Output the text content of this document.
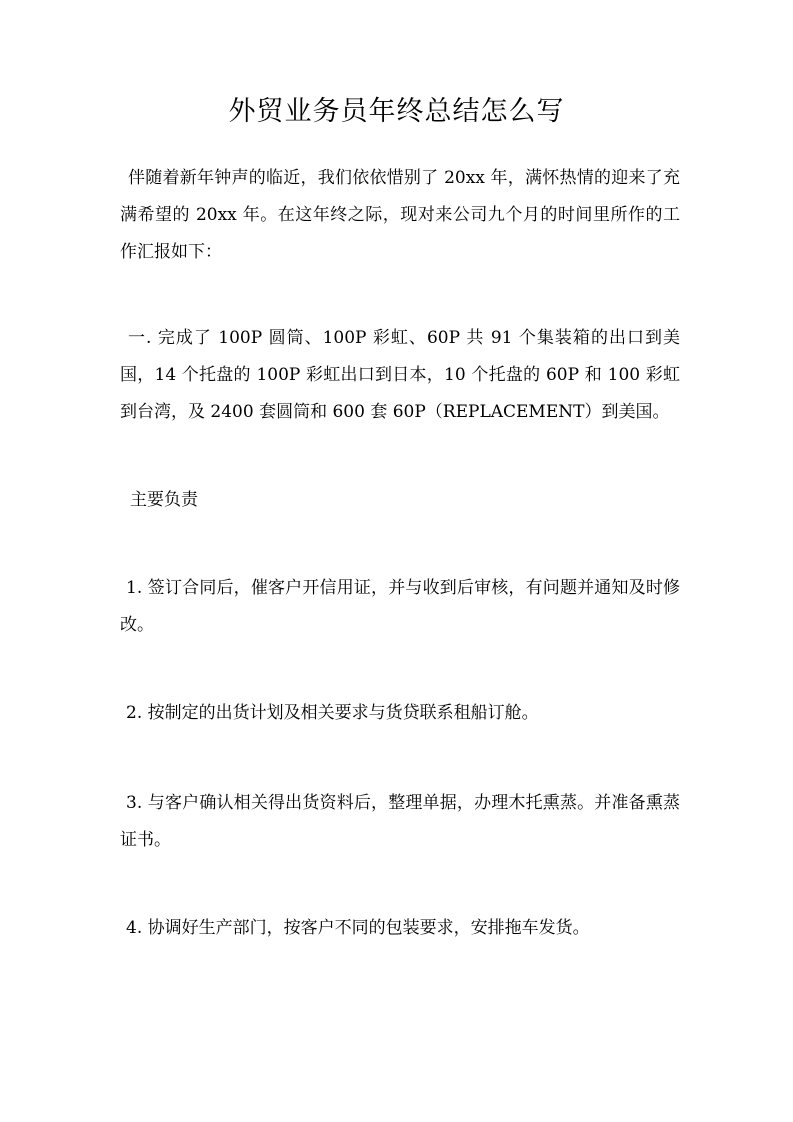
外贸业务员年终总结怎么写

伴随着新年钟声的临近，我们依依惜别了 20xx 年，满怀热情的迎来了充满希望的 20xx 年。在这年终之际，现对来公司九个月的时间里所作的工作汇报如下：

一. 完成了 100P 圆筒、100P 彩虹、60P 共 91 个集装箱的出口到美国，14 个托盘的 100P 彩虹出口到日本，10 个托盘的 60P 和 100 彩虹到台湾，及 2400 套圆筒和 600 套 60P（REPLACEMENT）到美国。

主要负责

1. 签订合同后，催客户开信用证，并与收到后审核，有问题并通知及时修改。

2. 按制定的出货计划及相关要求与货贷联系租船订舱。

3. 与客户确认相关得出货资料后，整理单据，办理木托熏蒸。并准备熏蒸证书。

4. 协调好生产部门，按客户不同的包装要求，安排拖车发货。
